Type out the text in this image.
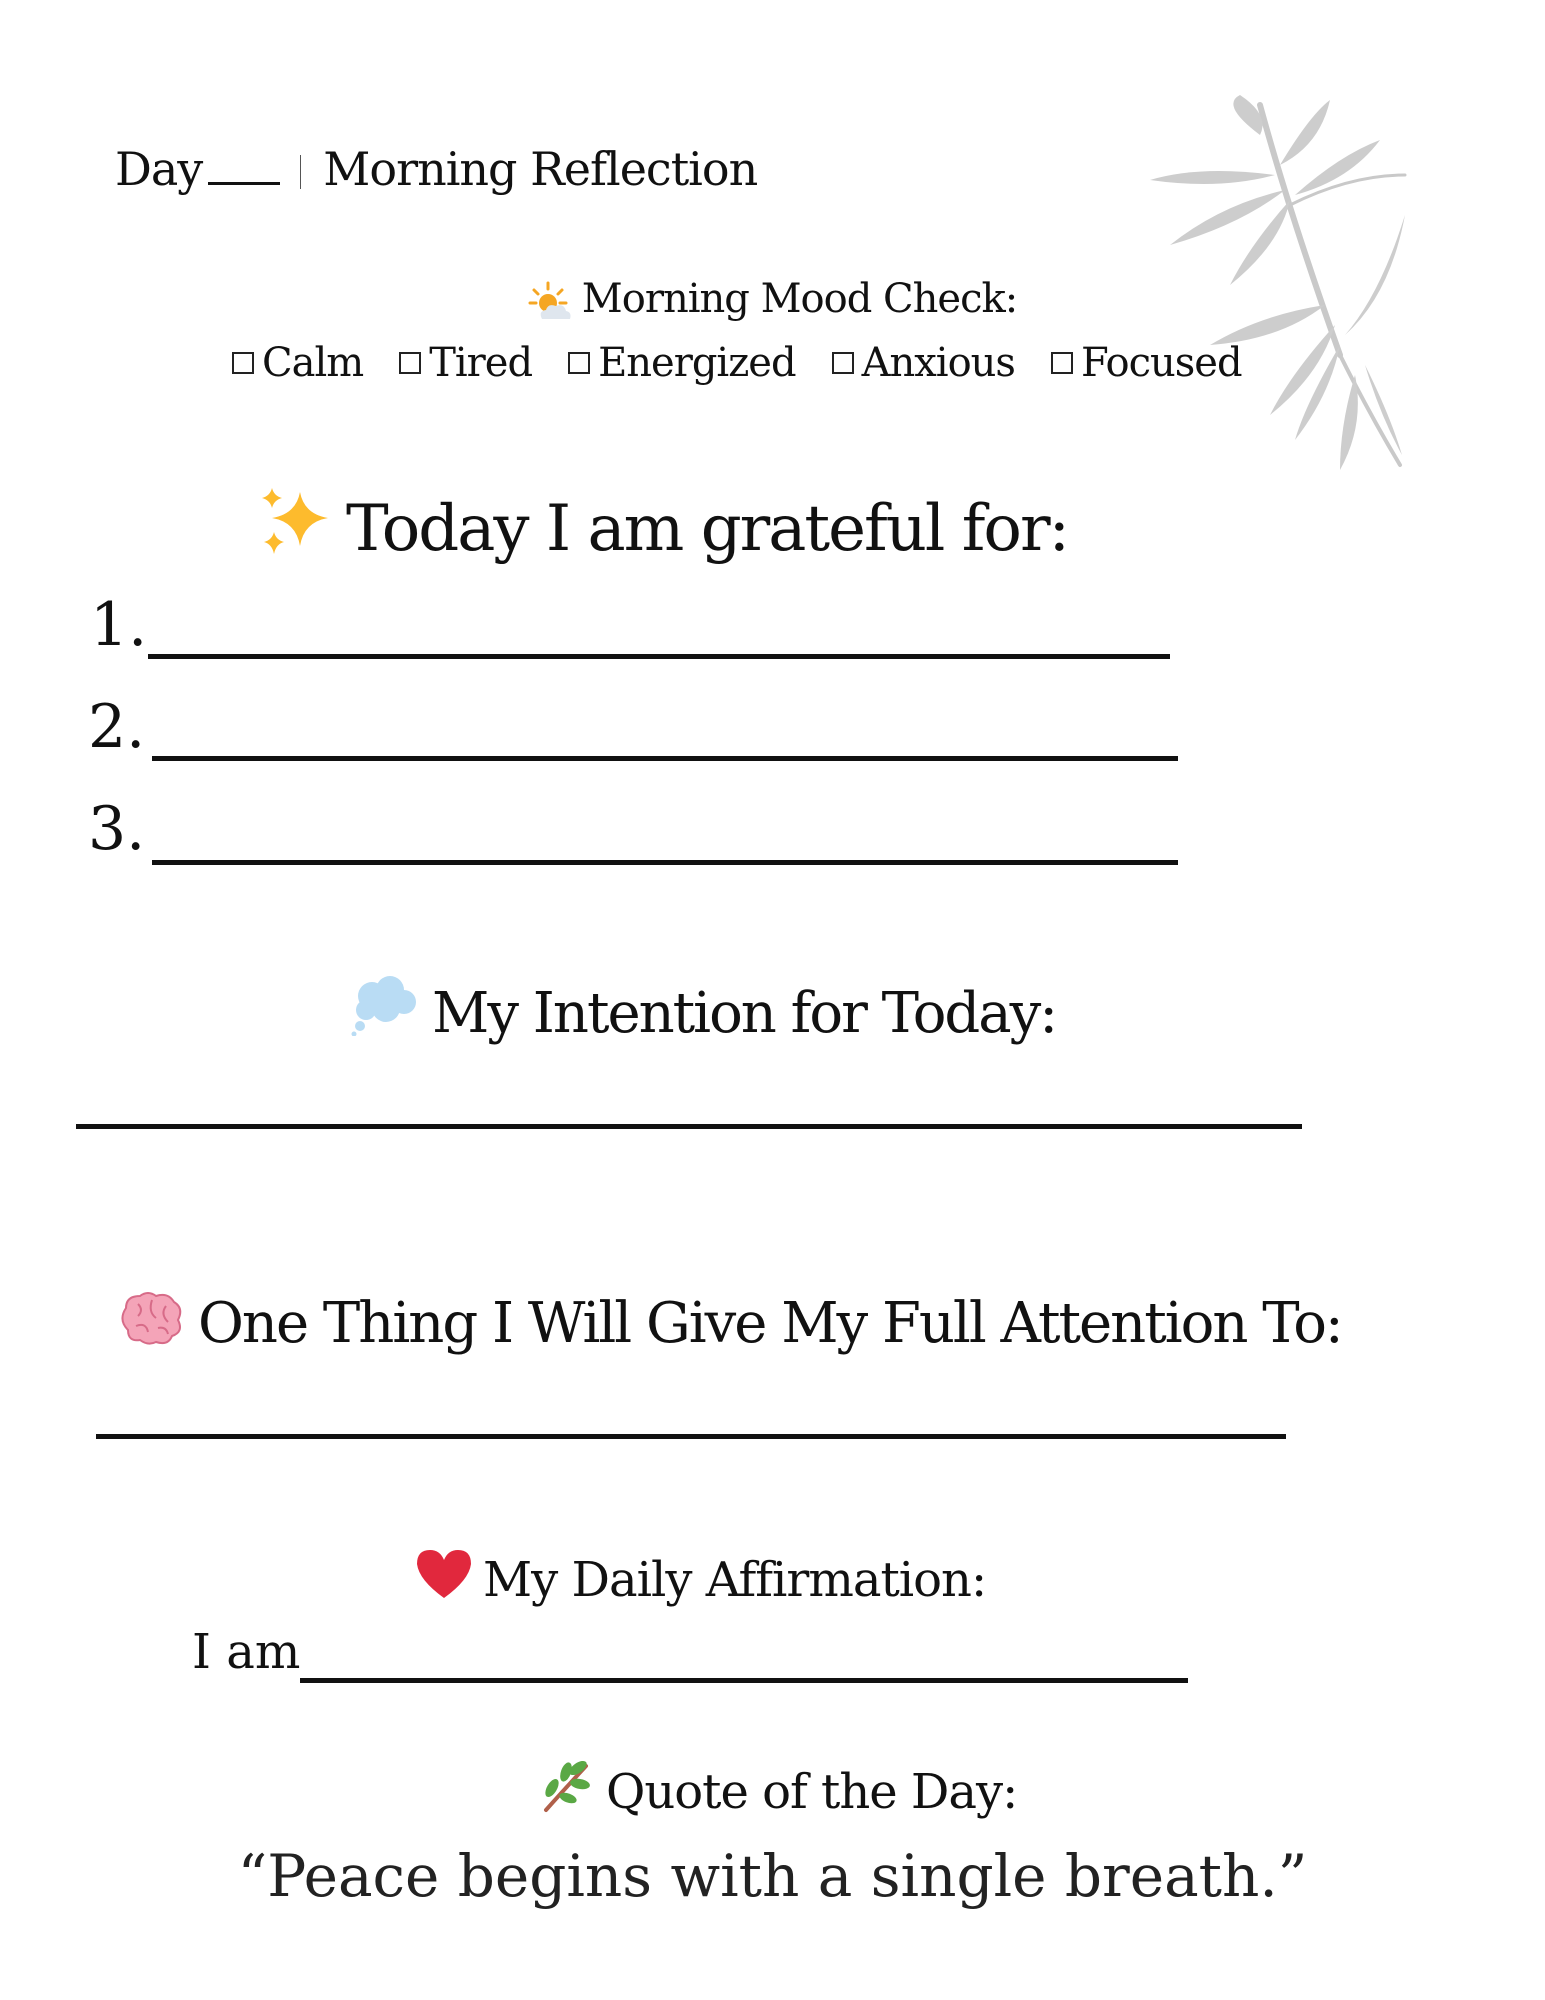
Day	Morning Reflection
Morning Mood Check:
Calm Tired Energized Anxious Focused
Today I am grateful for:
1.
2.
3.
My Intention for Today:
One Thing I Will Give My Full Attention To:
My Daily Affirmation:
I am
Quote of the Day:
“Peace begins with a single breath.”
